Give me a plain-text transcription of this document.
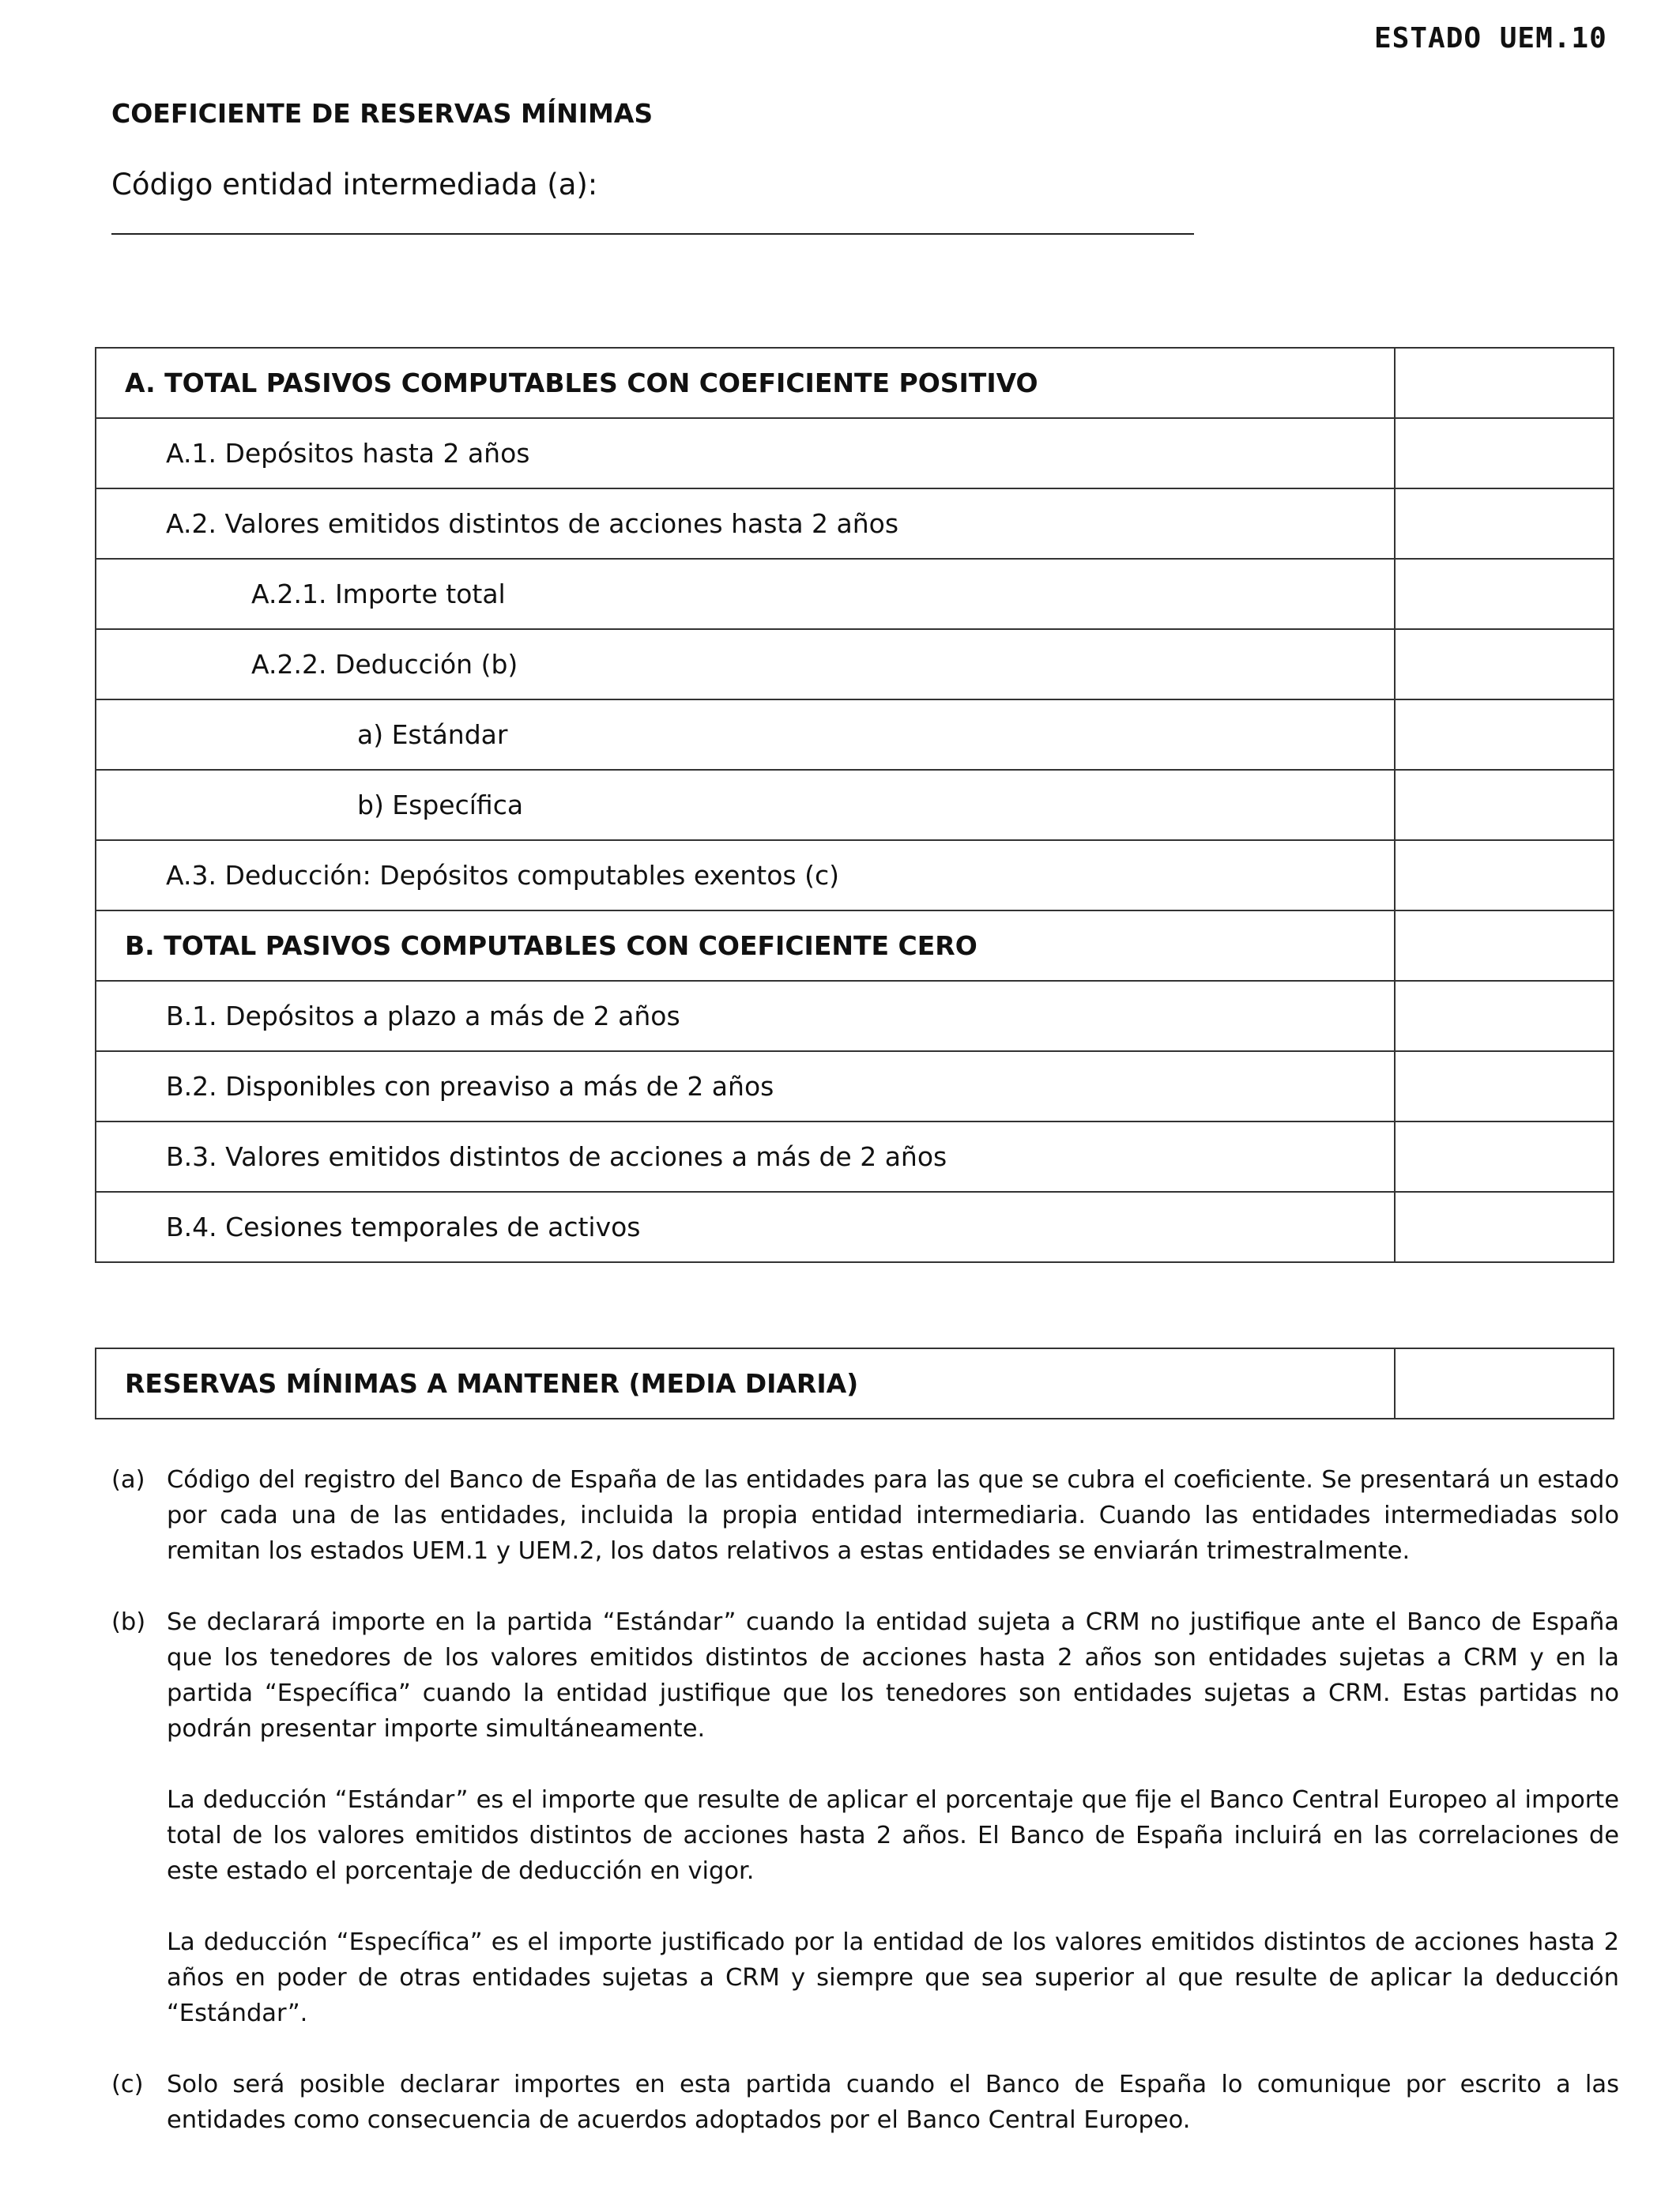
ESTADO UEM.10
COEFICIENTE DE RESERVAS MÍNIMAS
Código entidad intermediada (a):
A. TOTAL PASIVOS COMPUTABLES CON COEFICIENTE POSITIVO	
A.1. Depósitos hasta 2 años	
A.2. Valores emitidos distintos de acciones hasta 2 años	
A.2.1. Importe total	
A.2.2. Deducción (b)	
a) Estándar	
b) Específica	
A.3. Deducción: Depósitos computables exentos (c)	
B. TOTAL PASIVOS COMPUTABLES CON COEFICIENTE CERO	
B.1. Depósitos a plazo a más de 2 años	
B.2. Disponibles con preaviso a más de 2 años	
B.3. Valores emitidos distintos de acciones a más de 2 años	
B.4. Cesiones temporales de activos	
RESERVAS MÍNIMAS A MANTENER (MEDIA DIARIA)	
(a) Código del registro del Banco de España de las entidades para las que se cubra el coeficiente. Se presentará un estado por cada una de las entidades, incluida la propia entidad intermediaria. Cuando las entidades intermediadas solo remitan los estados UEM.1 y UEM.2, los datos relativos a estas entidades se enviarán trimestralmente.

(b) Se declarará importe en la partida “Estándar” cuando la entidad sujeta a CRM no justifique ante el Banco de España que los tenedores de los valores emitidos distintos de acciones hasta 2 años son entidades sujetas a CRM y en la partida “Específica” cuando la entidad justifique que los tenedores son entidades sujetas a CRM. Estas partidas no podrán presentar importe simultáneamente.

La deducción “Estándar” es el importe que resulte de aplicar el porcentaje que fije el Banco Central Europeo al importe total de los valores emitidos distintos de acciones hasta 2 años. El Banco de España incluirá en las correlaciones de este estado el porcentaje de deducción en vigor.

La deducción “Específica” es el importe justificado por la entidad de los valores emitidos distintos de acciones hasta 2 años en poder de otras entidades sujetas a CRM y siempre que sea superior al que resulte de aplicar la deducción “Estándar”.

(c) Solo será posible declarar importes en esta partida cuando el Banco de España lo comunique por escrito a las entidades como consecuencia de acuerdos adoptados por el Banco Central Europeo.
